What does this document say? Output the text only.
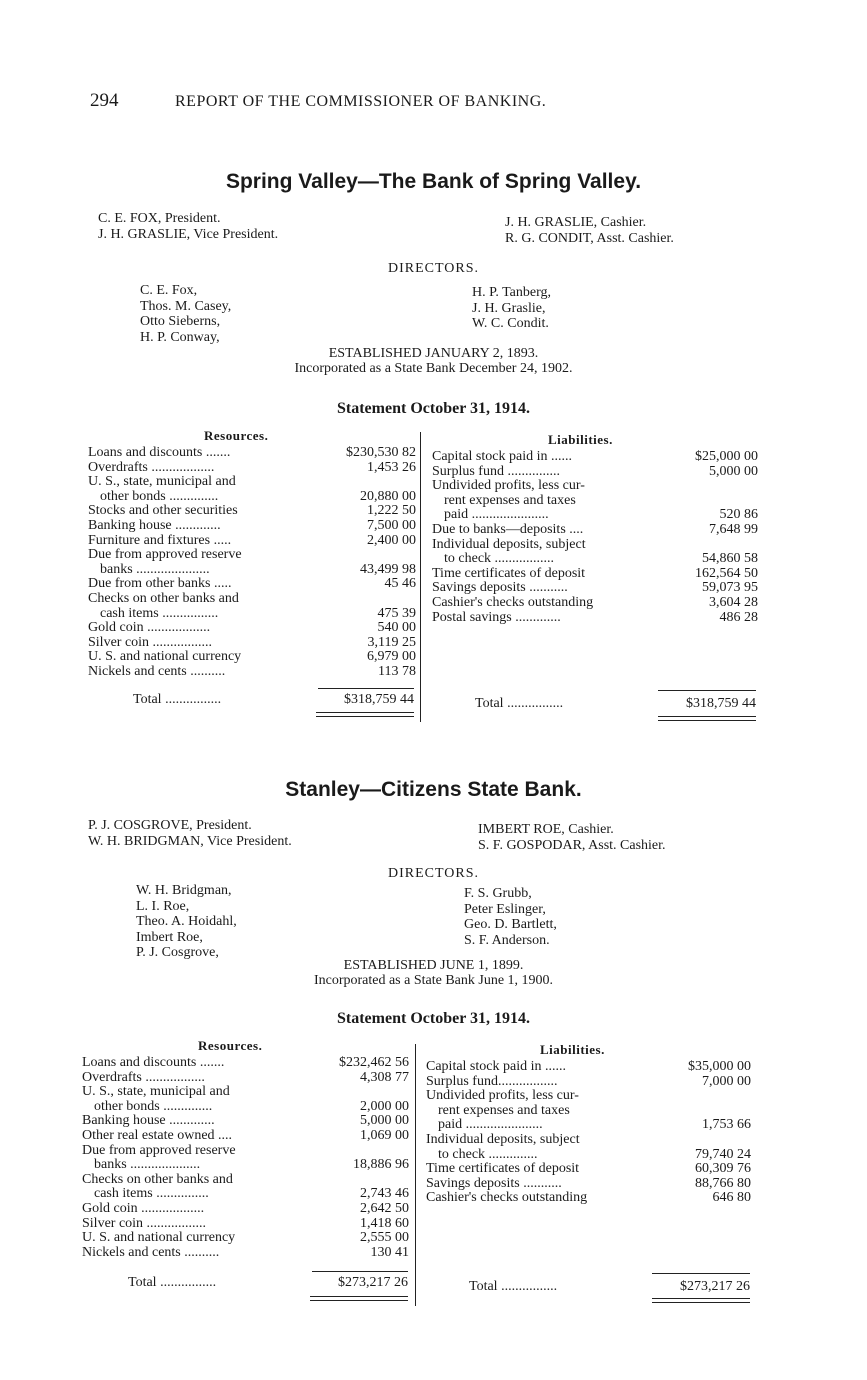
294	REPORT OF THE COMMISSIONER OF BANKING.
Spring Valley—The Bank of Spring Valley.
C. E. FOX, President.
J. H. GRASLIE, Vice President.
J. H. GRASLIE, Cashier.
R. G. CONDIT, Asst. Cashier.
DIRECTORS.
C. E. Fox,
Thos. M. Casey,
Otto Sieberns,
H. P. Conway,
H. P. Tanberg,
J. H. Graslie,
W. C. Condit.
ESTABLISHED JANUARY 2, 1893.
Incorporated as a State Bank December 24, 1902.
Statement October 31, 1914.
Resources.	Liabilities.
Loans and discounts .......	$230,530 82
Overdrafts ..................	1,453 26
U. S., state, municipal and
other bonds ..............	20,880 00
Stocks and other securities	1,222 50
Banking house .............	7,500 00
Furniture and fixtures .....	2,400 00
Due from approved reserve
banks .....................	43,499 98
Due from other banks .....	45 46
Checks on other banks and
cash items ................	475 39
Gold coin ..................	540 00
Silver coin .................	3,119 25
U. S. and national currency	6,979 00
Nickels and cents ..........	113 78
Capital stock paid in ......	$25,000 00
Surplus fund ...............	5,000 00
Undivided profits, less cur-
rent expenses and taxes
paid ......................	520 86
Due to banks—deposits ....	7,648 99
Individual deposits, subject
to check .................	54,860 58
Time certificates of deposit	162,564 50
Savings deposits ...........	59,073 95
Cashier's checks outstanding	3,604 28
Postal savings .............	486 28
Total ................	$318,759 44	Total ................	$318,759 44
Stanley—Citizens State Bank.
P. J. COSGROVE, President.
W. H. BRIDGMAN, Vice President.
IMBERT ROE, Cashier.
S. F. GOSPODAR, Asst. Cashier.
DIRECTORS.
W. H. Bridgman,
L. I. Roe,
Theo. A. Hoidahl,
Imbert Roe,
P. J. Cosgrove,
F. S. Grubb,
Peter Eslinger,
Geo. D. Bartlett,
S. F. Anderson.
ESTABLISHED JUNE 1, 1899.
Incorporated as a State Bank June 1, 1900.
Statement October 31, 1914.
Resources.	Liabilities.
Loans and discounts .......	$232,462 56
Overdrafts .................	4,308 77
U. S., state, municipal and
other bonds ..............	2,000 00
Banking house .............	5,000 00
Other real estate owned ....	1,069 00
Due from approved reserve
banks ....................	18,886 96
Checks on other banks and
cash items ...............	2,743 46
Gold coin ..................	2,642 50
Silver coin .................	1,418 60
U. S. and national currency	2,555 00
Nickels and cents ..........	130 41
Capital stock paid in ......	$35,000 00
Surplus fund.................	7,000 00
Undivided profits, less cur-
rent expenses and taxes
paid ......................	1,753 66
Individual deposits, subject
to check ..............	79,740 24
Time certificates of deposit	60,309 76
Savings deposits ...........	88,766 80
Cashier's checks outstanding	646 80
Total ................	$273,217 26	Total ................	$273,217 26
